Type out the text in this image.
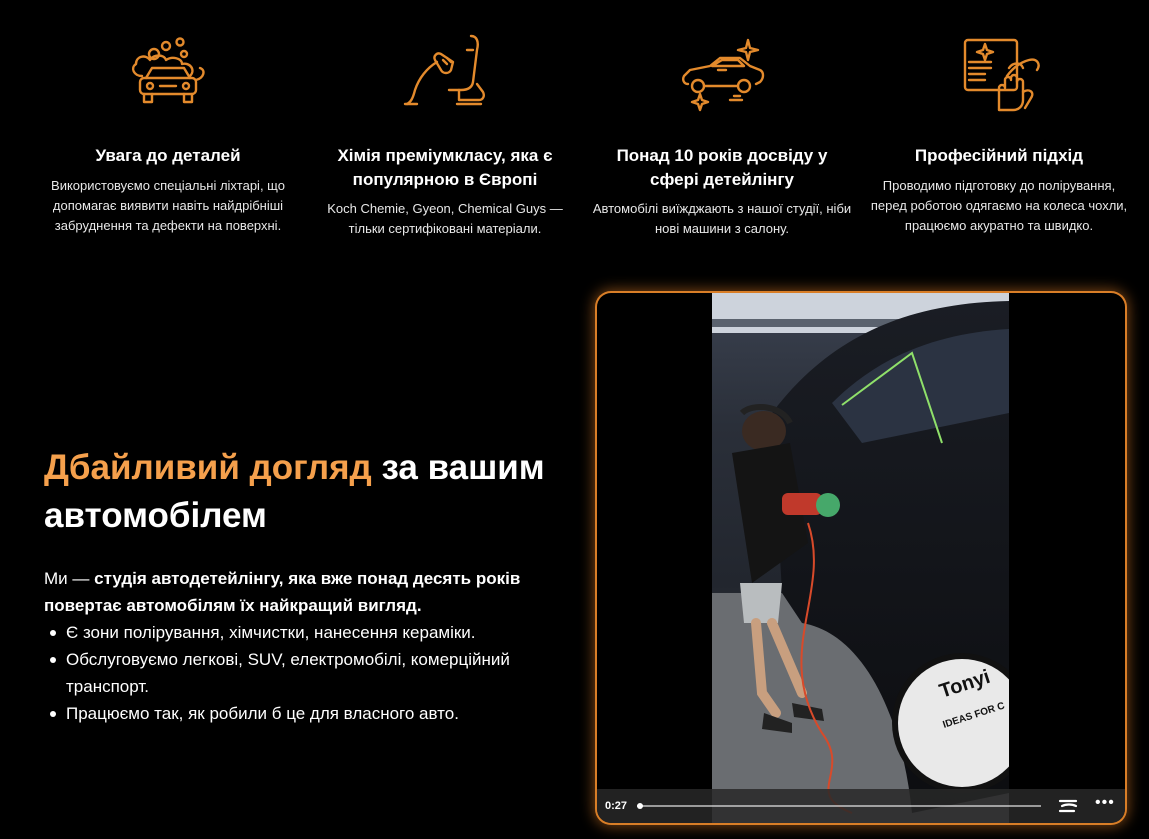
Увага до деталей

Використовуємо спеціальні ліхтарі, що допомагає виявити навіть найдрібніші забруднення та дефекти на поверхні.

Хімія преміумкласу, яка є популярною в Європі

Koch Chemie, Gyeon, Chemical Guys — тільки сертифіковані матеріали.

Понад 10 років досвіду у сфері детейлінгу

Автомобілі виїжджають з нашої студії, ніби нові машини з салону.

Професійний підхід

Проводимо підготовку до полірування, перед роботою одягаємо на колеса чохли, працюємо акуратно та швидко.

Дбайливий догляд за вашим автомобілем

Ми — студія автодетейлінгу, яка вже понад десять років повертає автомобілям їх найкращий вигляд.

Є зони полірування, хімчистки, нанесення кераміки.
Обслуговуємо легкові, SUV, електромобілі, комерційний транспорт.
Працюємо так, як робили б це для власного авто.
Tonyi
IDEAS FOR C
0:27	•••
